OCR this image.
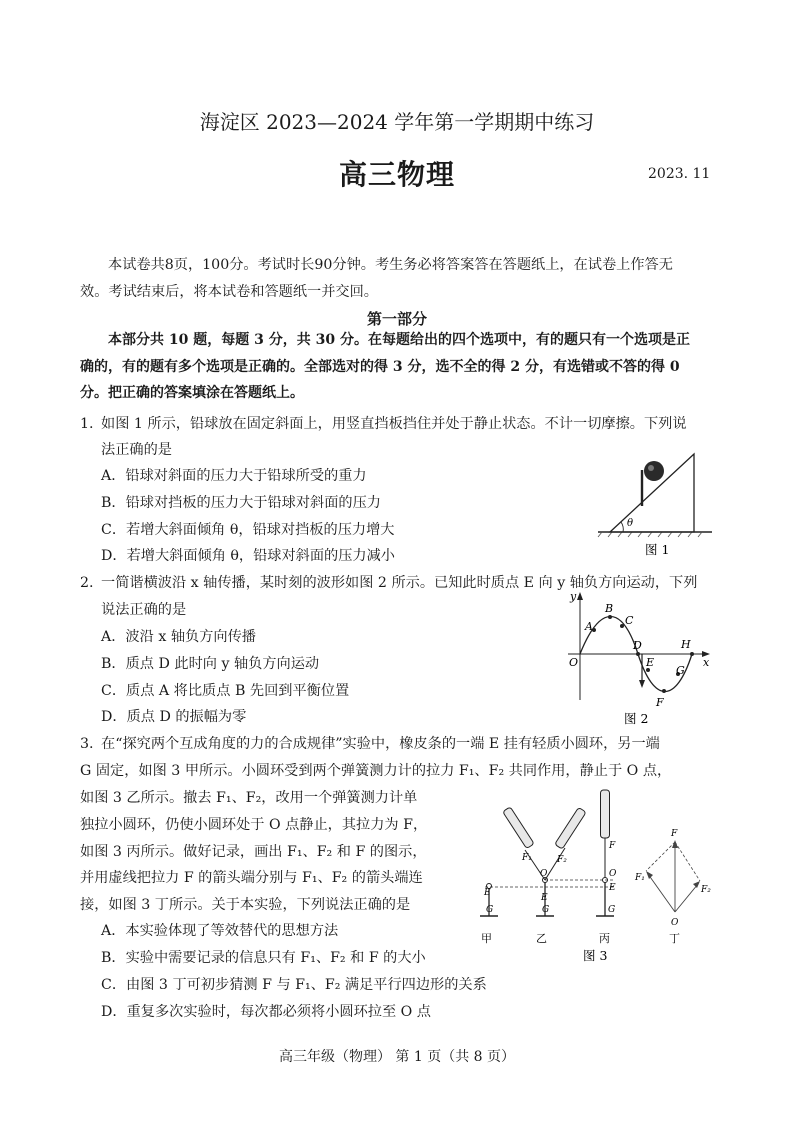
海淀区 2023—2024 学年第一学期期中练习
高三物理	2023. 11
本试卷共8页，100分。考试时长90分钟。考生务必将答案答在答题纸上，在试卷上作答无
效。考试结束后，将本试卷和答题纸一并交回。
第一部分
本部分共 10 题，每题 3 分，共 30 分。在每题给出的四个选项中，有的题只有一个选项是正
确的，有的题有多个选项是正确的。全部选对的得 3 分，选不全的得 2 分，有选错或不答的得 0
分。把正确的答案填涂在答题纸上。
1. 如图 1 所示，铅球放在固定斜面上，用竖直挡板挡住并处于静止状态。不计一切摩擦。下列说
法正确的是
A．铅球对斜面的压力大于铅球所受的重力
B．铅球对挡板的压力大于铅球对斜面的压力
C．若增大斜面倾角 θ，铅球对挡板的压力增大
D．若增大斜面倾角 θ，铅球对斜面的压力减小
θ
图 1
2. 一简谐横波沿 x 轴传播，某时刻的波形如图 2 所示。已知此时质点 E 向 y 轴负方向运动，下列
说法正确的是
A．波沿 x 轴负方向传播
B．质点 D 此时向 y 轴负方向运动
C．质点 A 将比质点 B 先回到平衡位置
D．质点 D 的振幅为零
y
x
O
A
B
C
D
E
F
G
H
图 2
3. 在“探究两个互成角度的力的合成规律”实验中，橡皮条的一端 E 挂有轻质小圆环，另一端
G 固定，如图 3 甲所示。小圆环受到两个弹簧测力计的拉力 F₁、F₂ 共同作用，静止于 O 点，
如图 3 乙所示。撤去 F₁、F₂，改用一个弹簧测力计单
独拉小圆环，仍使小圆环处于 O 点静止，其拉力为 F，
如图 3 丙所示。做好记录，画出 F₁、F₂ 和 F 的图示，
并用虚线把拉力 F 的箭头端分别与 F₁、F₂ 的箭头端连
接，如图 3 丁所示。关于本实验，下列说法正确的是
A．本实验体现了等效替代的思想方法
B．实验中需要记录的信息只有 F₁、F₂ 和 F 的大小
C．由图 3 丁可初步猜测 F 与 F₁、F₂ 满足平行四边形的关系
D．重复多次实验时，每次都必须将小圆环拉至 O 点
E
G
甲
F₁	F₂
O
E
G
乙
F
O
E
G
丙
F
F₁
F₂
O
丁
图 3
高三年级（物理） 第 1 页（共 8 页）
